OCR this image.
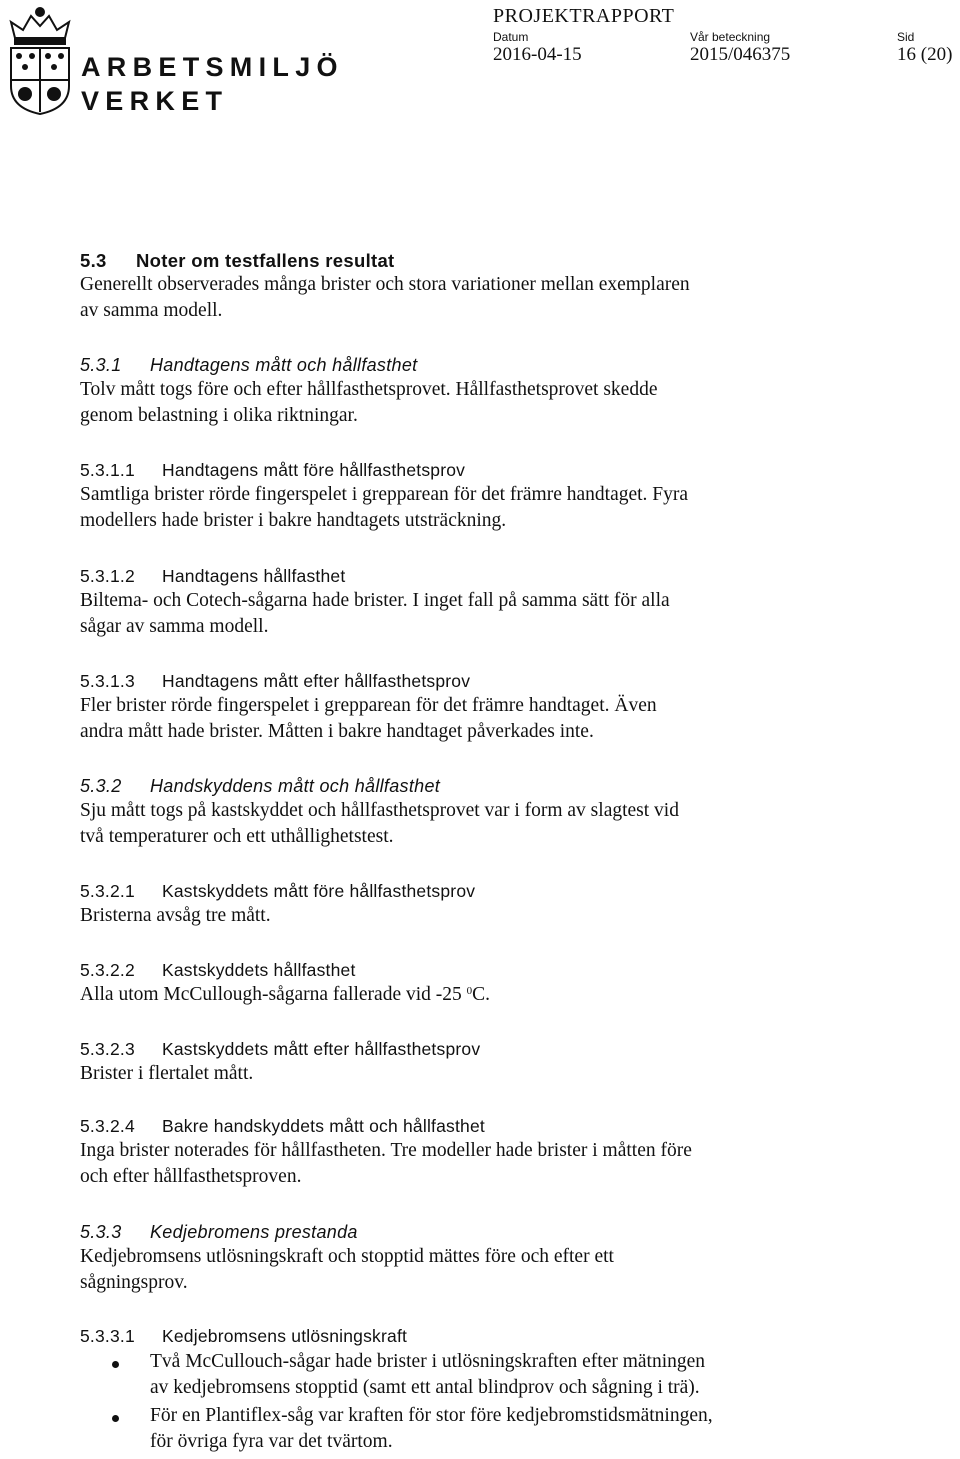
ARBETSMILJÖ
VERKET
PROJEKTRAPPORT
Datum
2016-04-15
Vår beteckning
2015/046375
Sid
16 (20)
5.3 Noter om testfallens resultat
Generellt observerades många brister och stora variationer mellan exemplaren
av samma modell.
5.3.1 Handtagens mått och hållfasthet
Tolv mått togs före och efter hållfasthetsprovet. Hållfasthetsprovet skedde
genom belastning i olika riktningar.
5.3.1.1 Handtagens mått före hållfasthetsprov
Samtliga brister rörde fingerspelet i grepparean för det främre handtaget. Fyra
modellers hade brister i bakre handtagets utsträckning.
5.3.1.2 Handtagens hållfasthet
Biltema- och Cotech-sågarna hade brister. I inget fall på samma sätt för alla
sågar av samma modell.
5.3.1.3 Handtagens mått efter hållfasthetsprov
Fler brister rörde fingerspelet i grepparean för det främre handtaget. Även
andra mått hade brister. Måtten i bakre handtaget påverkades inte.
5.3.2 Handskyddens mått och hållfasthet
Sju mått togs på kastskyddet och hållfasthetsprovet var i form av slagtest vid
två temperaturer och ett uthållighetstest.
5.3.2.1 Kastskyddets mått före hållfasthetsprov
Bristerna avsåg tre mått.
5.3.2.2 Kastskyddets hållfasthet
Alla utom McCullough-sågarna fallerade vid -25 $^0$C.
5.3.2.3 Kastskyddets mått efter hållfasthetsprov
Brister i flertalet mått.
5.3.2.4 Bakre handskyddets mått och hållfasthet
Inga brister noterades för hållfastheten. Tre modeller hade brister i måtten före
och efter hållfasthetsproven.
5.3.3 Kedjebromens prestanda
Kedjebromsens utlösningskraft och stopptid mättes före och efter ett
sågningsprov.
5.3.3.1 Kedjebromsens utlösningskraft
Två McCullouch-sågar hade brister i utlösningskraften efter mätningen
av kedjebromsens stopptid (samt ett antal blindprov och sågning i trä).
För en Plantiflex-såg var kraften för stor före kedjebromstidsmätningen,
för övriga fyra var det tvärtom.
